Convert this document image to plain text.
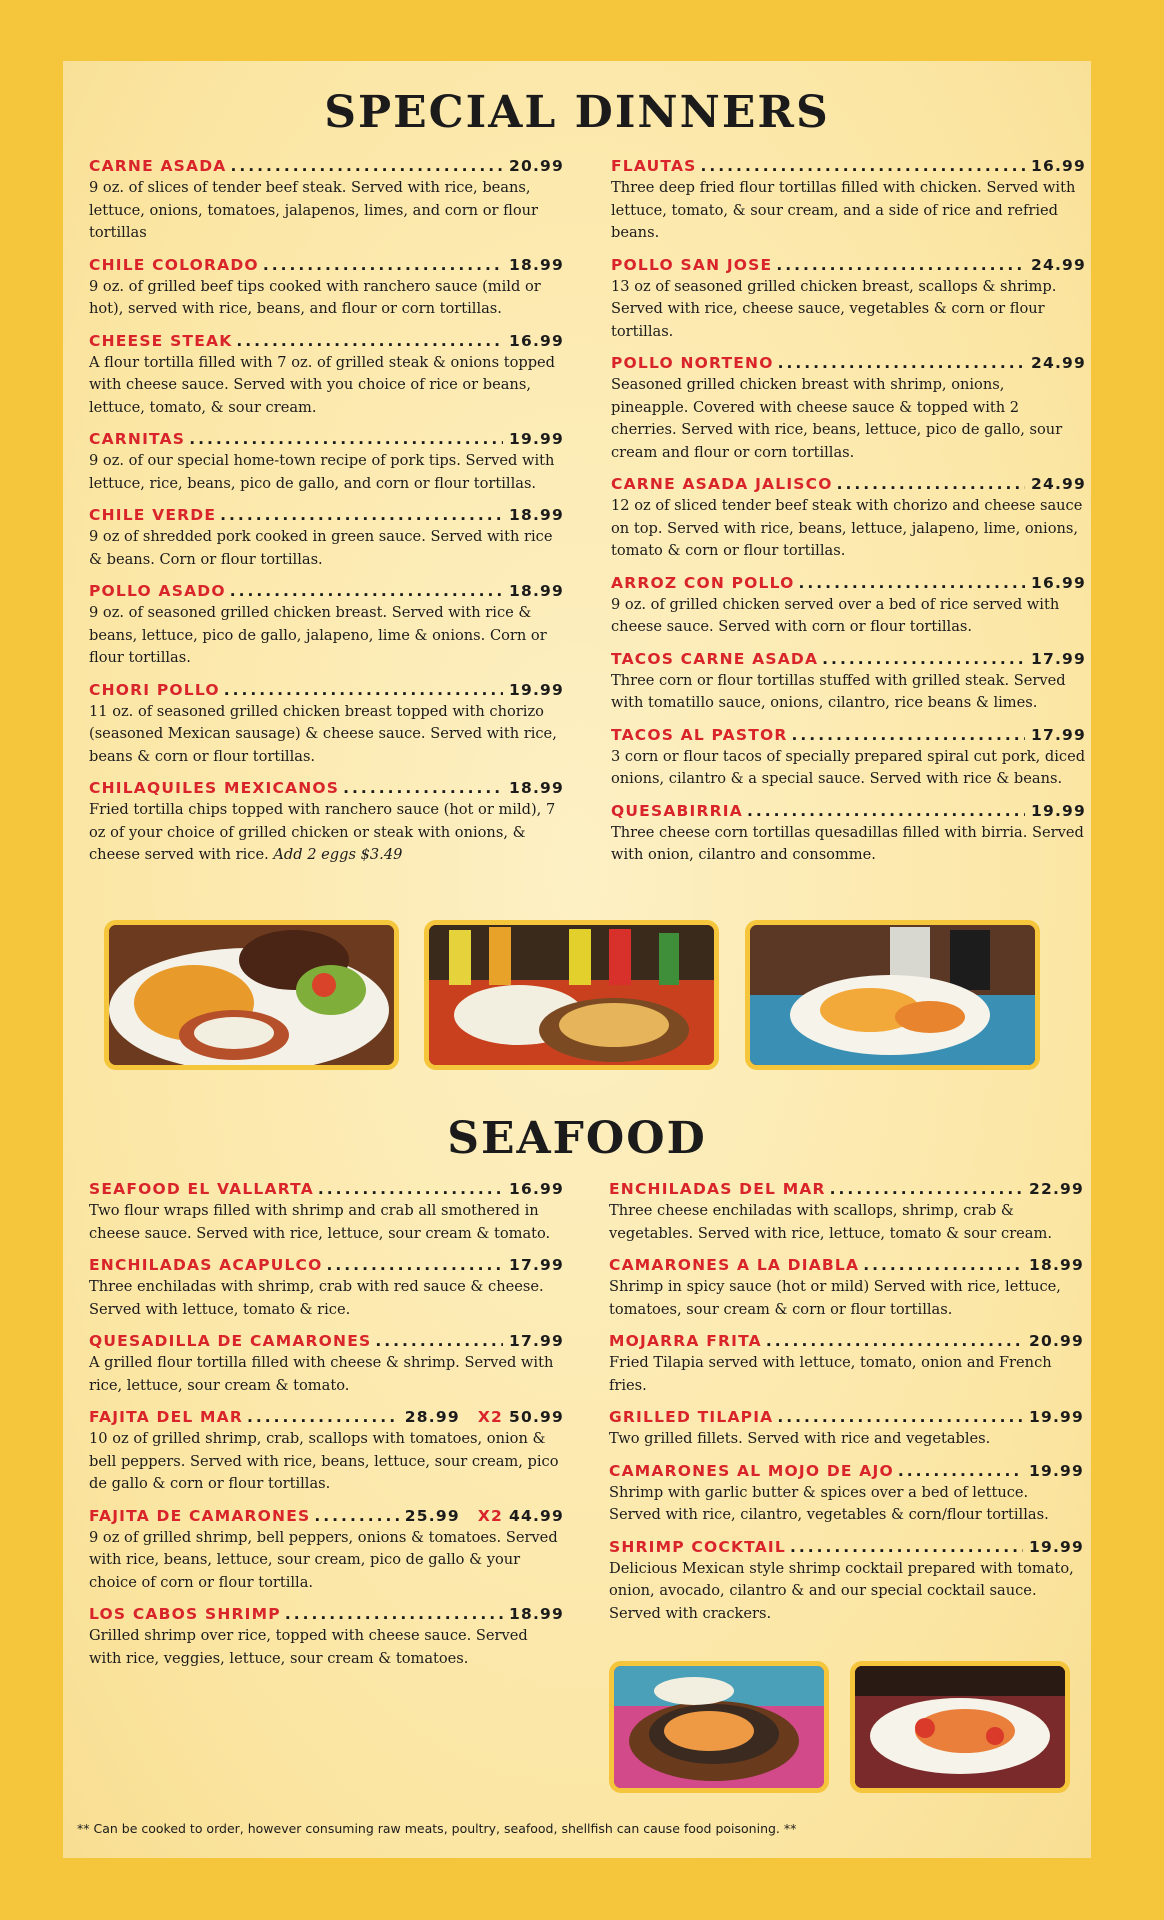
SPECIAL DINNERS
CARNE ASADA .....	20.99
9 oz. of slices of tender beef steak. Served with rice, beans, lettuce, onions, tomatoes, jalapenos, limes, and corn or flour tortillas
CHILE COLORADO .....	18.99
9 oz. of grilled beef tips cooked with ranchero sauce (mild or hot), served with rice, beans, and flour or corn tortillas.
CHEESE STEAK .....	16.99
A flour tortilla filled with 7 oz. of grilled steak & onions topped with cheese sauce. Served with you choice of rice or beans, lettuce, tomato, & sour cream.
CARNITAS .....	19.99
9 oz. of our special home-town recipe of pork tips. Served with lettuce, rice, beans, pico de gallo, and corn or flour tortillas.
CHILE VERDE .....	18.99
9 oz of shredded pork cooked in green sauce. Served with rice & beans. Corn or flour tortillas.
POLLO ASADO .....	18.99
9 oz. of seasoned grilled chicken breast. Served with rice & beans, lettuce, pico de gallo, jalapeno, lime & onions. Corn or flour tortillas.
CHORI POLLO .....	19.99
11 oz. of seasoned grilled chicken breast topped with chorizo (seasoned Mexican sausage) & cheese sauce. Served with rice, beans & corn or flour tortillas.
CHILAQUILES MEXICANOS .....	18.99
Fried tortilla chips topped with ranchero sauce (hot or mild), 7 oz of your choice of grilled chicken or steak with onions, & cheese served with rice. Add 2 eggs $3.49
FLAUTAS .....	16.99
Three deep fried flour tortillas filled with chicken. Served with lettuce, tomato, & sour cream, and a side of rice and refried beans.
POLLO SAN JOSE .....	24.99
13 oz of seasoned grilled chicken breast, scallops & shrimp. Served with rice, cheese sauce, vegetables & corn or flour tortillas.
POLLO NORTENO .....	24.99
Seasoned grilled chicken breast with shrimp, onions, pineapple. Covered with cheese sauce & topped with 2 cherries. Served with rice, beans, lettuce, pico de gallo, sour cream and flour or corn tortillas.
CARNE ASADA JALISCO .....	24.99
12 oz of sliced tender beef steak with chorizo and cheese sauce on top. Served with rice, beans, lettuce, jalapeno, lime, onions, tomato & corn or flour tortillas.
ARROZ CON POLLO .....	16.99
9 oz. of grilled chicken served over a bed of rice served with cheese sauce. Served with corn or flour tortillas.
TACOS CARNE ASADA .....	17.99
Three corn or flour tortillas stuffed with grilled steak. Served with tomatillo sauce, onions, cilantro, rice beans & limes.
TACOS AL PASTOR .....	17.99
3 corn or flour tacos of specially prepared spiral cut pork, diced onions, cilantro & a special sauce. Served with rice & beans.
QUESABIRRIA .....	19.99
Three cheese corn tortillas quesadillas filled with birria. Served with onion, cilantro and consomme.
SEAFOOD
SEAFOOD EL VALLARTA .....	16.99
Two flour wraps filled with shrimp and crab all smothered in cheese sauce. Served with rice, lettuce, sour cream & tomato.
ENCHILADAS ACAPULCO .....	17.99
Three enchiladas with shrimp, crab with red sauce & cheese. Served with lettuce, tomato & rice.
QUESADILLA DE CAMARONES .....	17.99
A grilled flour tortilla filled with cheese & shrimp. Served with rice, lettuce, sour cream & tomato.
FAJITA DEL MAR .....	28.99 X2 50.99
10 oz of grilled shrimp, crab, scallops with tomatoes, onion & bell peppers. Served with rice, beans, lettuce, sour cream, pico de gallo & corn or flour tortillas.
FAJITA DE CAMARONES .....	25.99 X2 44.99
9 oz of grilled shrimp, bell peppers, onions & tomatoes. Served with rice, beans, lettuce, sour cream, pico de gallo & your choice of corn or flour tortilla.
LOS CABOS SHRIMP .....	18.99
Grilled shrimp over rice, topped with cheese sauce. Served with rice, veggies, lettuce, sour cream & tomatoes.
ENCHILADAS DEL MAR .....	22.99
Three cheese enchiladas with scallops, shrimp, crab & vegetables. Served with rice, lettuce, tomato & sour cream.
CAMARONES A LA DIABLA .....	18.99
Shrimp in spicy sauce (hot or mild) Served with rice, lettuce, tomatoes, sour cream & corn or flour tortillas.
MOJARRA FRITA .....	20.99
Fried Tilapia served with lettuce, tomato, onion and French fries.
GRILLED TILAPIA .....	19.99
Two grilled fillets. Served with rice and vegetables.
CAMARONES AL MOJO DE AJO .....	19.99
Shrimp with garlic butter & spices over a bed of lettuce. Served with rice, cilantro, vegetables & corn/flour tortillas.
SHRIMP COCKTAIL .....	19.99
Delicious Mexican style shrimp cocktail prepared with tomato, onion, avocado, cilantro & and our special cocktail sauce. Served with crackers.
** Can be cooked to order, however consuming raw meats, poultry, seafood, shellfish can cause food poisoning. **
